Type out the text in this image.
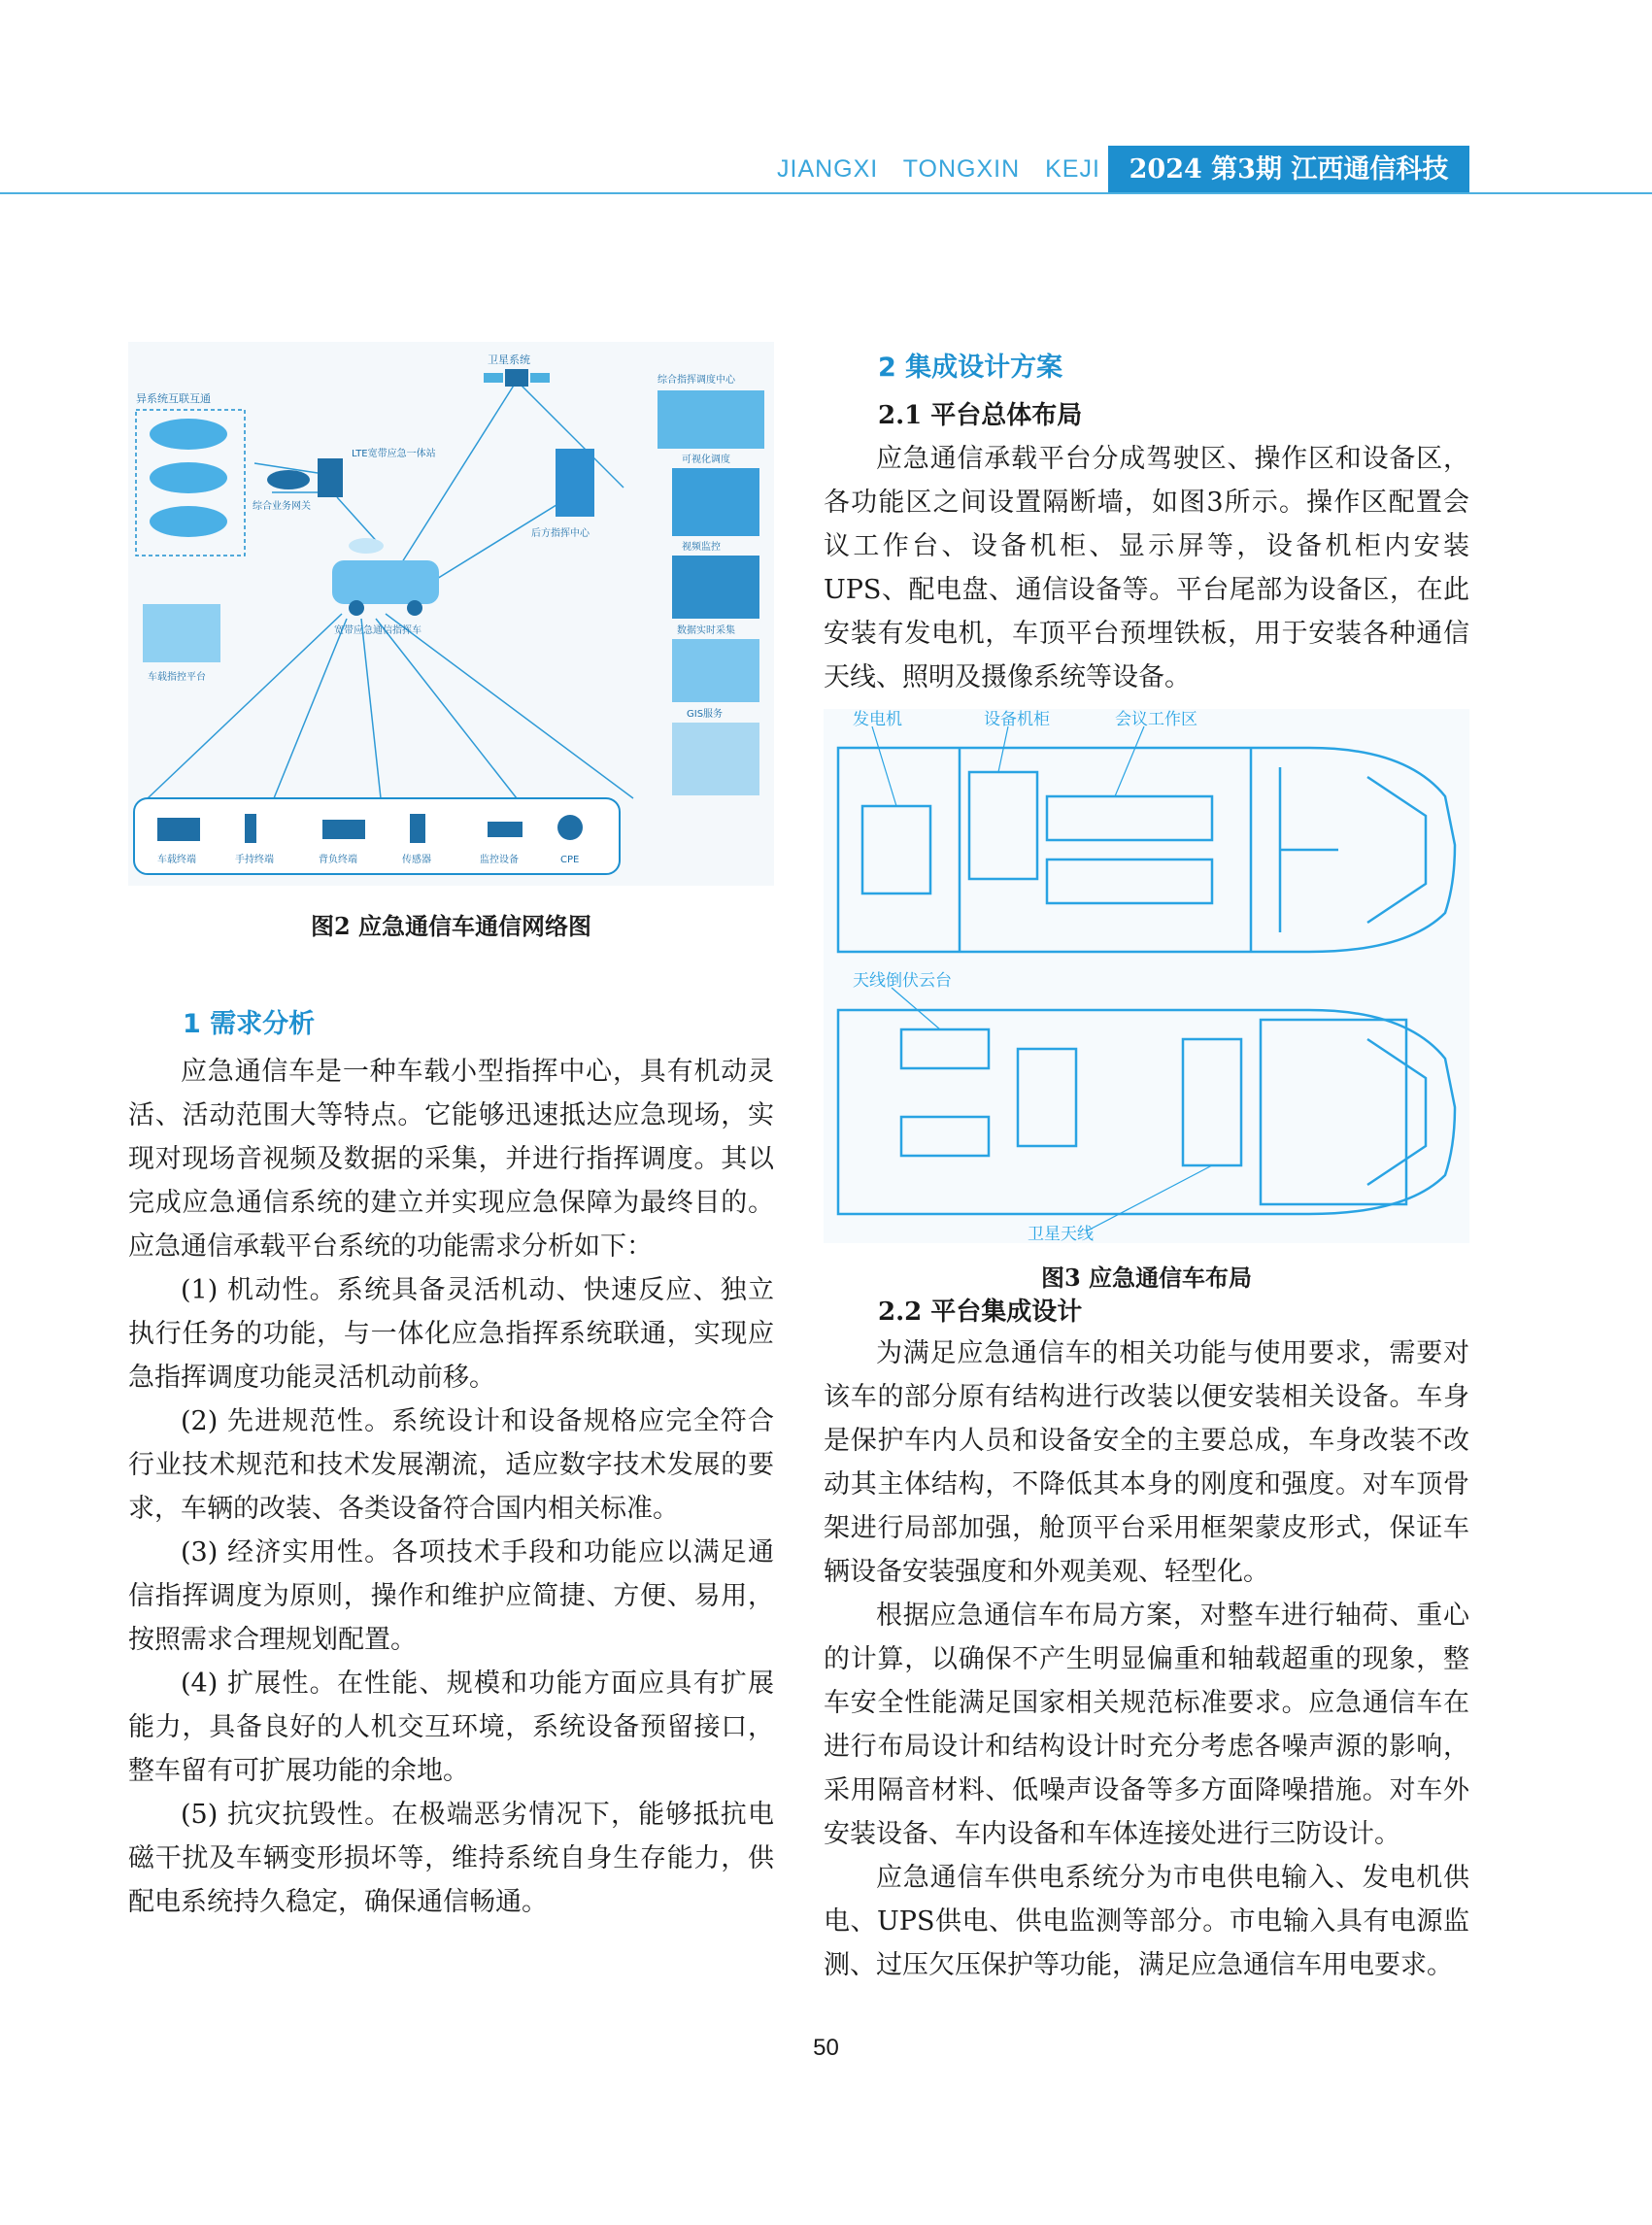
JIANGXI TONGXIN KEJI	2024 第3期 江西通信科技
卫星系统
异系统互联互通
综合业务网关
LTE宽带应急一体站
后方指挥中心
综合指挥调度中心
可视化调度
视频监控
数据实时采集
GIS服务
宽带应急通信指挥车
车载指控平台
车载终端	手持终端	背负终端	传感器	监控设备	CPE
图2 应急通信车通信网络图

1 需求分析

应急通信车是一种车载小型指挥中心，具有机动灵活、活动范围大等特点。它能够迅速抵达应急现场，实现对现场音视频及数据的采集，并进行指挥调度。其以完成应急通信系统的建立并实现应急保障为最终目的。应急通信承载平台系统的功能需求分析如下：

(1) 机动性。系统具备灵活机动、快速反应、独立执行任务的功能，与一体化应急指挥系统联通，实现应急指挥调度功能灵活机动前移。

(2) 先进规范性。系统设计和设备规格应完全符合行业技术规范和技术发展潮流，适应数字技术发展的要求，车辆的改装、各类设备符合国内相关标准。

(3) 经济实用性。各项技术手段和功能应以满足通信指挥调度为原则，操作和维护应简捷、方便、易用，按照需求合理规划配置。

(4) 扩展性。在性能、规模和功能方面应具有扩展能力，具备良好的人机交互环境，系统设备预留接口，整车留有可扩展功能的余地。

(5) 抗灾抗毁性。在极端恶劣情况下，能够抵抗电磁干扰及车辆变形损坏等，维持系统自身生存能力，供配电系统持久稳定，确保通信畅通。

2 集成设计方案

2.1 平台总体布局

应急通信承载平台分成驾驶区、操作区和设备区，各功能区之间设置隔断墙，如图3所示。操作区配置会议工作台、设备机柜、显示屏等，设备机柜内安装UPS、配电盘、通信设备等。平台尾部为设备区，在此安装有发电机，车顶平台预埋铁板，用于安装各种通信天线、照明及摄像系统等设备。

发电机	设备机柜	会议工作区
天线倒伏云台
卫星天线
图3 应急通信车布局

2.2 平台集成设计

为满足应急通信车的相关功能与使用要求，需要对该车的部分原有结构进行改装以便安装相关设备。车身是保护车内人员和设备安全的主要总成，车身改装不改动其主体结构，不降低其本身的刚度和强度。对车顶骨架进行局部加强，舱顶平台采用框架蒙皮形式，保证车辆设备安装强度和外观美观、轻型化。

根据应急通信车布局方案，对整车进行轴荷、重心的计算，以确保不产生明显偏重和轴载超重的现象，整车安全性能满足国家相关规范标准要求。应急通信车在进行布局设计和结构设计时充分考虑各噪声源的影响，采用隔音材料、低噪声设备等多方面降噪措施。对车外安装设备、车内设备和车体连接处进行三防设计。

应急通信车供电系统分为市电供电输入、发电机供电、UPS供电、供电监测等部分。市电输入具有电源监测、过压欠压保护等功能，满足应急通信车用电要求。

50
